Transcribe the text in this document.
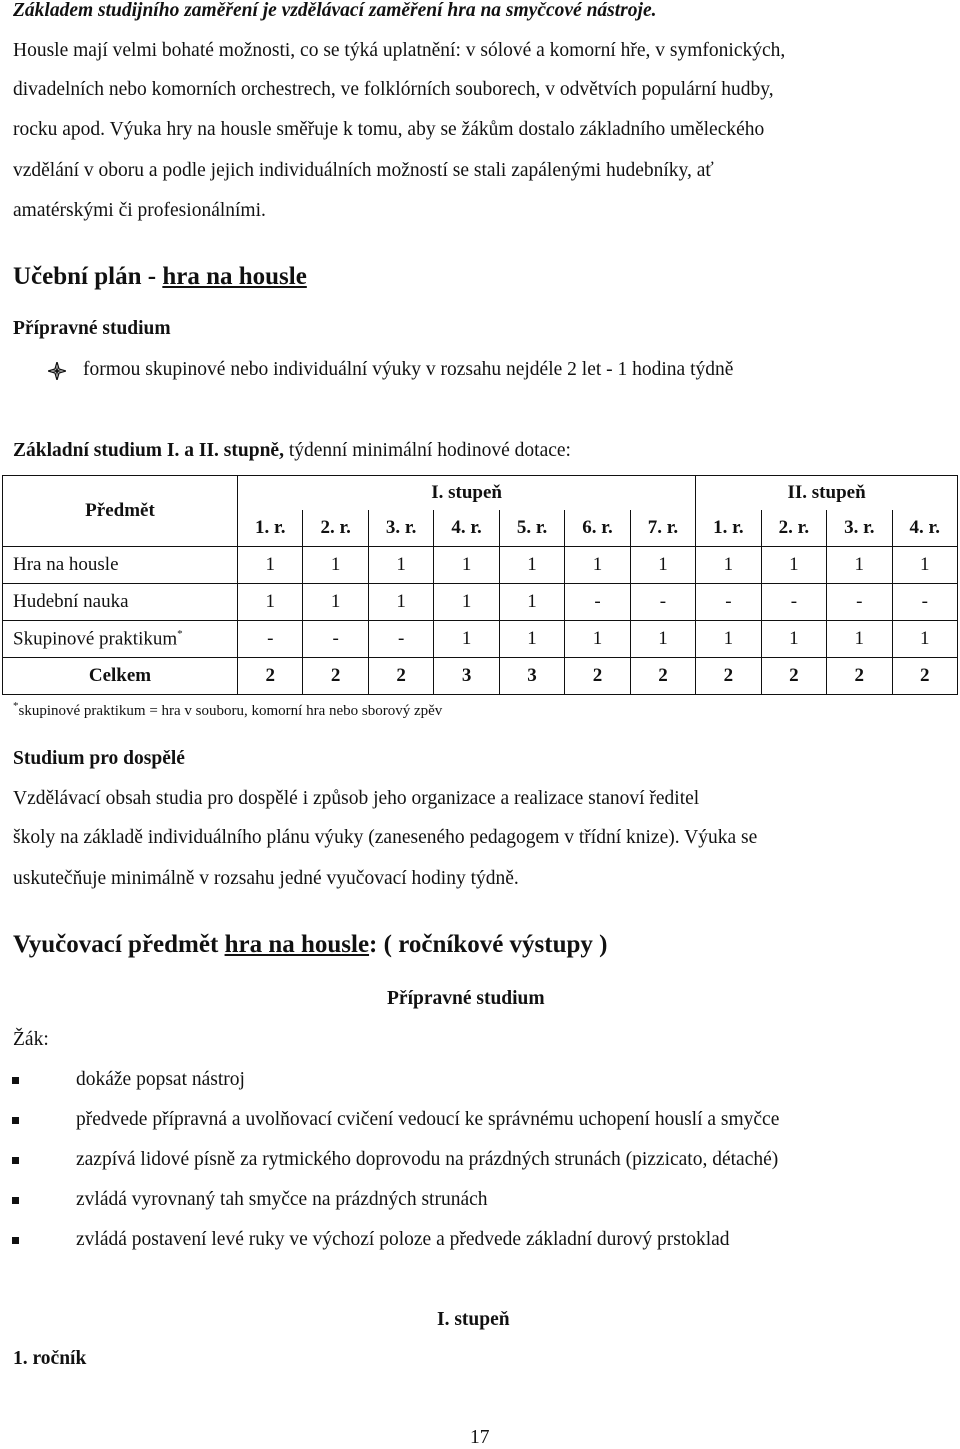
Základem studijního zaměření je vzdělávací zaměření hra na smyčcové nástroje.
Housle mají velmi bohaté možnosti, co se týká uplatnění: v sólové a komorní hře, v symfonických,
divadelních nebo komorních orchestrech, ve folklórních souborech, v odvětvích populární hudby,
rocku apod. Výuka hry na housle směřuje k tomu, aby se žákům dostalo základního uměleckého
vzdělání v oboru a podle jejich individuálních možností se stali zapálenými hudebníky, ať
amatérskými či profesionálními.
Učební plán - hra na housle
Přípravné studium
formou skupinové nebo individuální výuky v rozsahu nejdéle 2 let - 1 hodina týdně
Základní studium I. a II. stupně, týdenní minimální hodinové dotace:
Předmět	I. stupeň							II. stupeň			
	1. r.	2. r.	3. r.	4. r.	5. r.	6. r.	7. r.	1. r.	2. r.	3. r.	4. r.
Hra na housle	1	1	1	1	1	1	1	1	1	1	1
Hudební nauka	1	1	1	1	1	-	-	-	-	-	-
Skupinové praktikum*	-	-	-	1	1	1	1	1	1	1	1
Celkem	2	2	2	3	3	2	2	2	2	2	2
*skupinové praktikum = hra v souboru, komorní hra nebo sborový zpěv
Studium pro dospělé
Vzdělávací obsah studia pro dospělé i způsob jeho organizace a realizace stanoví ředitel
školy na základě individuálního plánu výuky (zaneseného pedagogem v třídní knize). Výuka se
uskutečňuje minimálně v rozsahu jedné vyučovací hodiny týdně.
Vyučovací předmět hra na housle: ( ročníkové výstupy )
Přípravné studium
Žák:
dokáže popsat nástroj
předvede přípravná a uvolňovací cvičení vedoucí ke správnému uchopení houslí a smyčce
zazpívá lidové písně za rytmického doprovodu na prázdných strunách (pizzicato, détaché)
zvládá vyrovnaný tah smyčce na prázdných strunách
zvládá postavení levé ruky ve výchozí poloze a předvede základní durový prstoklad
I. stupeň
1. ročník
17
